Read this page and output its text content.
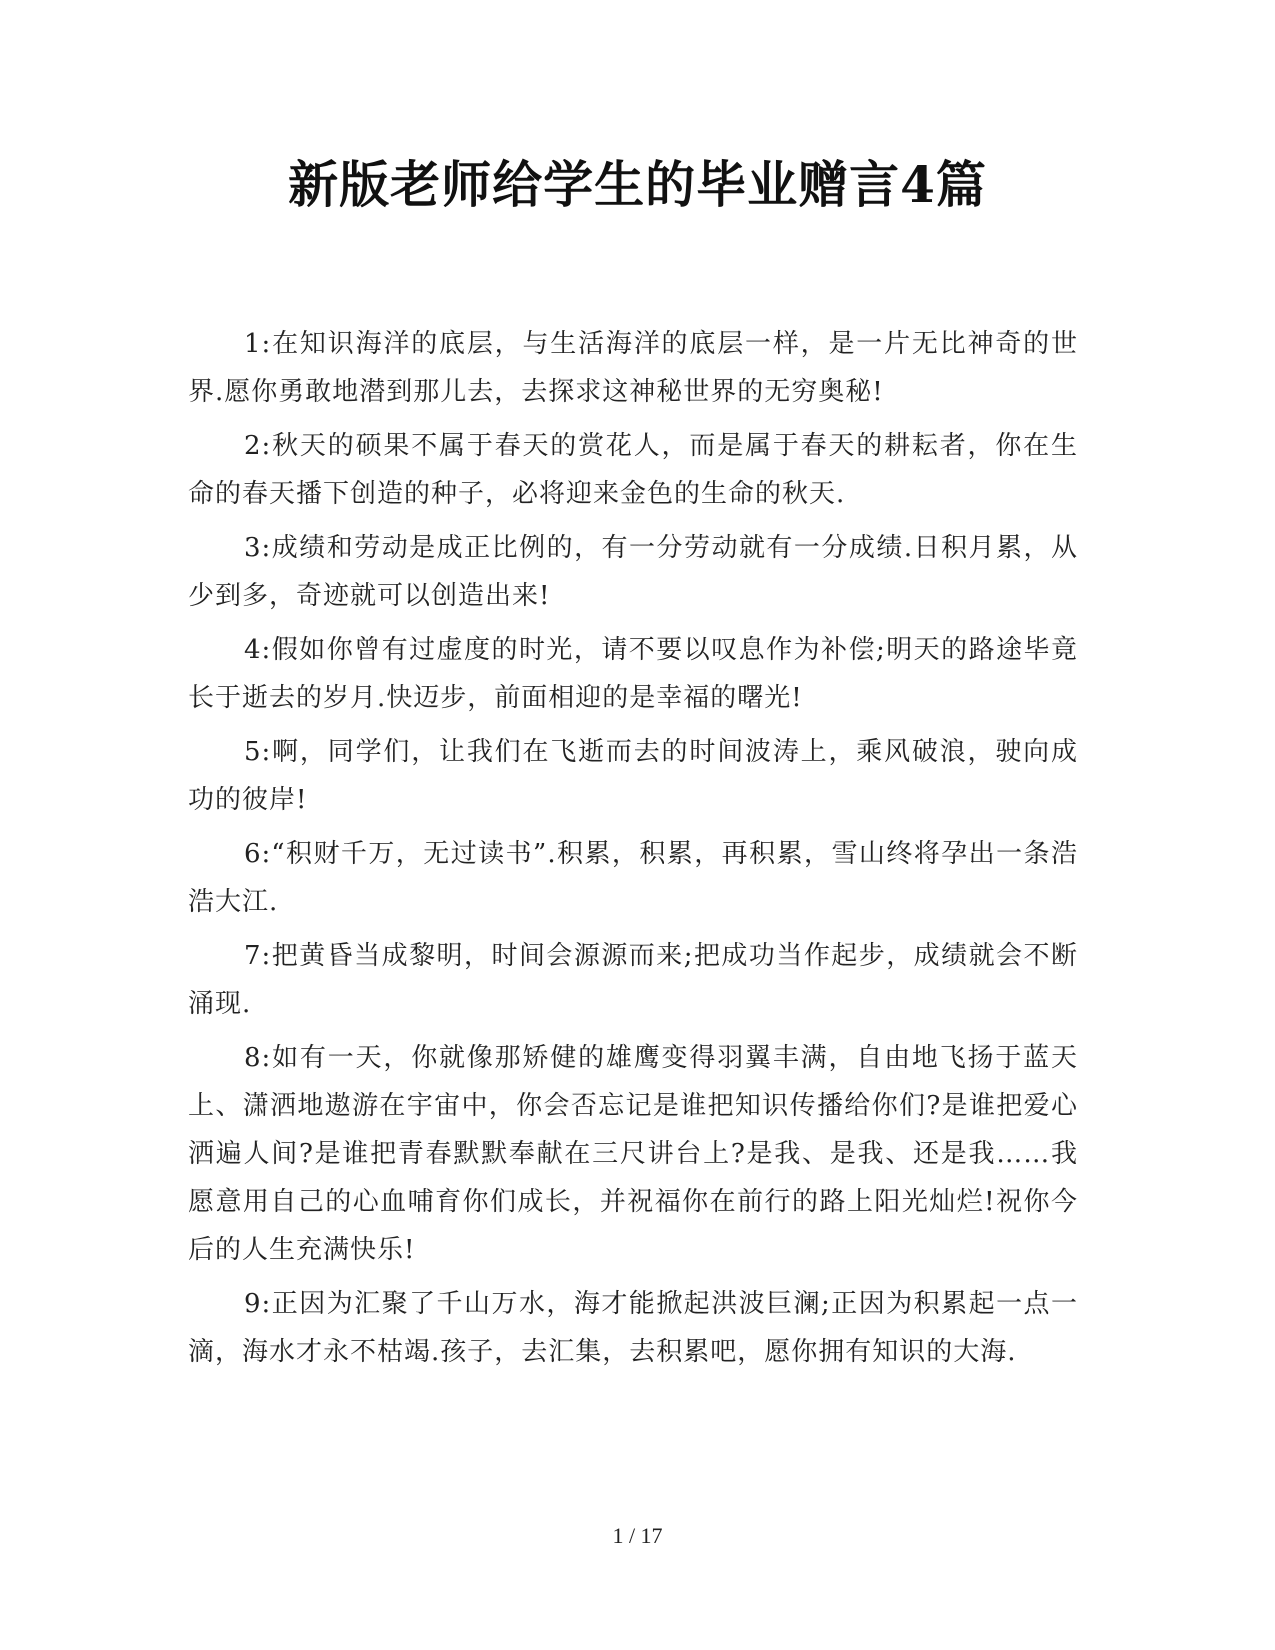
新版老师给学生的毕业赠言4篇

1:在知识海洋的底层，与生活海洋的底层一样，是一片无比神奇的世界.愿你勇敢地潜到那儿去，去探求这神秘世界的无穷奥秘!

2:秋天的硕果不属于春天的赏花人，而是属于春天的耕耘者，你在生命的春天播下创造的种子，必将迎来金色的生命的秋天.

3:成绩和劳动是成正比例的，有一分劳动就有一分成绩.日积月累，从少到多，奇迹就可以创造出来!

4:假如你曾有过虚度的时光，请不要以叹息作为补偿;明天的路途毕竟长于逝去的岁月.快迈步，前面相迎的是幸福的曙光!

5:啊，同学们，让我们在飞逝而去的时间波涛上，乘风破浪，驶向成功的彼岸!

6:“积财千万，无过读书”.积累，积累，再积累，雪山终将孕出一条浩浩大江.

7:把黄昏当成黎明，时间会源源而来;把成功当作起步，成绩就会不断涌现.

8:如有一天，你就像那矫健的雄鹰变得羽翼丰满，自由地飞扬于蓝天上、潇洒地遨游在宇宙中，你会否忘记是谁把知识传播给你们?是谁把爱心洒遍人间?是谁把青春默默奉献在三尺讲台上?是我、是我、还是我……我愿意用自己的心血哺育你们成长，并祝福你在前行的路上阳光灿烂!祝你今后的人生充满快乐!

9:正因为汇聚了千山万水，海才能掀起洪波巨澜;正因为积累起一点一滴，海水才永不枯竭.孩子，去汇集，去积累吧，愿你拥有知识的大海.

1 / 17
